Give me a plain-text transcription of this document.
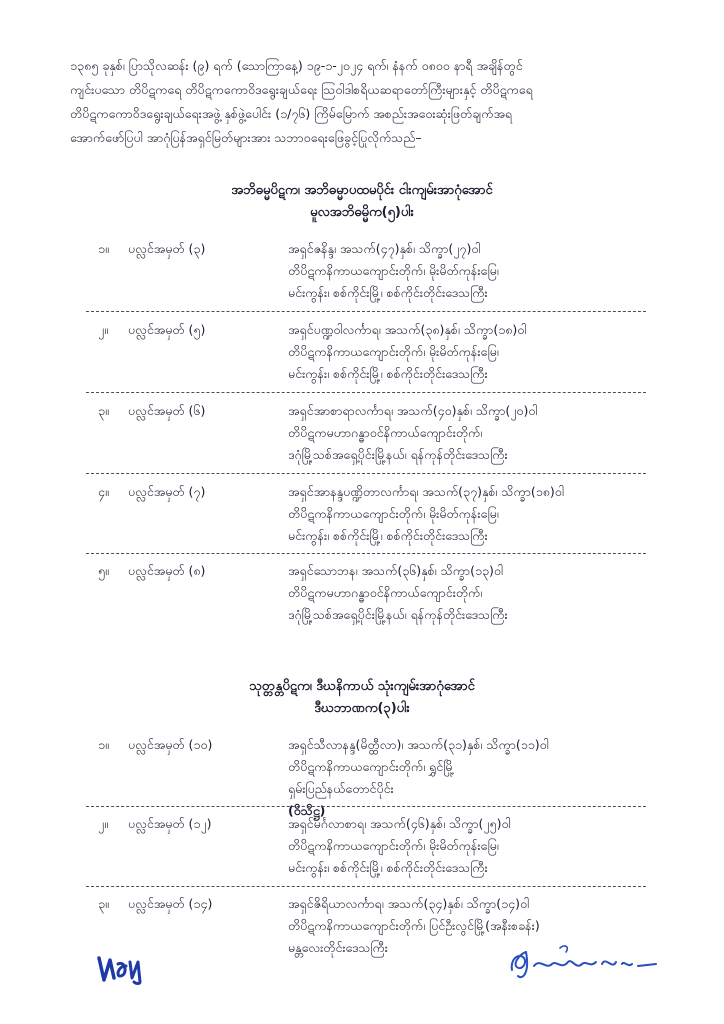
၁၃၈၅ ခုနှစ်၊ ပြာသိုလဆန်း (၉) ရက် (သောကြာနေ့) ၁၉-၁-၂၀၂၄ ရက်၊ နံနက် ၀၈၀၀ နာရီ အချိန်တွင်
ကျင်းပသော တိပိဋကရေ တိပိဋကကောဝိဒရွေးချယ်ရေး ဩဝါဒါစရိယဆရာတော်ကြီးများနှင့် တိပိဋကရေ
တိပိဋကကောဝိဒရွေးချယ်ရေးအဖွဲ့ နှစ်ဖွဲ့ပေါင်း (၁/၇၆) ကြိမ်မြောက် အစည်းအဝေးဆုံးဖြတ်ချက်အရ
အောက်ဖော်ပြပါ အာဂုံပြန်အရှင်မြတ်များအား သဘာဝရေးဖြေခွင့်ပြုလိုက်သည်–
အဘိဓမ္မပိဋက၊ အဘိဓမ္မာပထမပိုင်း ငါးကျမ်းအာဂုံအောင်
မူလအဘိဓမ္မိက(၅)ပါး
၁။ ပလ္လင်အမှတ် (၃)	အရှင်ဇနိန္ဒ၊ အသက်(၄၇)နှစ်၊ သိက္ခာ(၂၇)ဝါ
တိပိဋကနိကာယကျောင်းတိုက်၊ မိုးမိတ်ကုန်းမြေ၊
မင်းကွန်း၊ စစ်ကိုင်းမြို့၊ စစ်ကိုင်းတိုင်းဒေသကြီး
၂။ ပလ္လင်အမှတ် (၅)	အရှင်ပဏ္ဍဝါလင်္ကာရ၊ အသက်(၃၈)နှစ်၊ သိက္ခာ(၁၈)ဝါ
တိပိဋကနိကာယကျောင်းတိုက်၊ မိုးမိတ်ကုန်းမြေ၊
မင်းကွန်း၊ စစ်ကိုင်းမြို့၊ စစ်ကိုင်းတိုင်းဒေသကြီး
၃။ ပလ္လင်အမှတ် (၆)	အရှင်အာစာရာလင်္ကာရ၊ အသက်(၄၀)နှစ်၊ သိက္ခာ(၂၀)ဝါ
တိပိဋကမဟာဂန္ဓာဝင်နိကာယ်ကျောင်းတိုက်၊
ဒဂုံမြို့သစ်အရှေ့ပိုင်းမြို့နယ်၊ ရန်ကုန်တိုင်းဒေသကြီး
၄။ ပလ္လင်အမှတ် (၇)	အရှင်အာနန္ဒပဏ္ဍိတာလင်္ကာရ၊ အသက်(၃၇)နှစ်၊ သိက္ခာ(၁၈)ဝါ
တိပိဋကနိကာယကျောင်းတိုက်၊ မိုးမိတ်ကုန်းမြေ၊
မင်းကွန်း၊ စစ်ကိုင်းမြို့၊ စစ်ကိုင်းတိုင်းဒေသကြီး
၅။ ပလ္လင်အမှတ် (၈)	အရှင်သောဘန၊ အသက်(၃၆)နှစ်၊ သိက္ခာ(၁၃)ဝါ
တိပိဋကမဟာဂန္ဓာဝင်နိကာယ်ကျောင်းတိုက်၊
ဒဂုံမြို့သစ်အရှေ့ပိုင်းမြို့နယ်၊ ရန်ကုန်တိုင်းဒေသကြီး
သုတ္တန္တပိဋက၊ ဒီဃနိကာယ် သုံးကျမ်းအာဂုံအောင်
ဒီဃဘာဏက(၃)ပါး
၁။ ပလ္လင်အမှတ် (၁၀)	အရှင်သီလာနန္ဒ(မိတ္ထီလာ)၊ အသက်(၃၁)နှစ်၊ သိက္ခာ(၁၁)ဝါ
တိပိဋကနိကာယကျောင်းတိုက်၊ ရွှင်မြို့
ရှမ်းပြည်နယ်တောင်ပိုင်း
(ဝိသိဋ္ဌ)
၂။ ပလ္လင်အမှတ် (၁၂)	အရှင်မင်္ဂလာစာရ၊ အသက်(၄၆)နှစ်၊ သိက္ခာ(၂၅)ဝါ
တိပိဋကနိကာယကျောင်းတိုက်၊ မိုးမိတ်ကုန်းမြေ၊
မင်းကွန်း၊ စစ်ကိုင်းမြို့၊ စစ်ကိုင်းတိုင်းဒေသကြီး
၃။ ပလ္လင်အမှတ် (၁၄)	အရှင်ဇိရိယာလင်္ကာရ၊ အသက်(၃၄)နှစ်၊ သိက္ခာ(၁၄)ဝါ
တိပိဋကနိကာယကျောင်းတိုက်၊ ပြင်ဦးလွင်မြို့(အနီးစခန်း)
မန္တလေးတိုင်းဒေသကြီး
